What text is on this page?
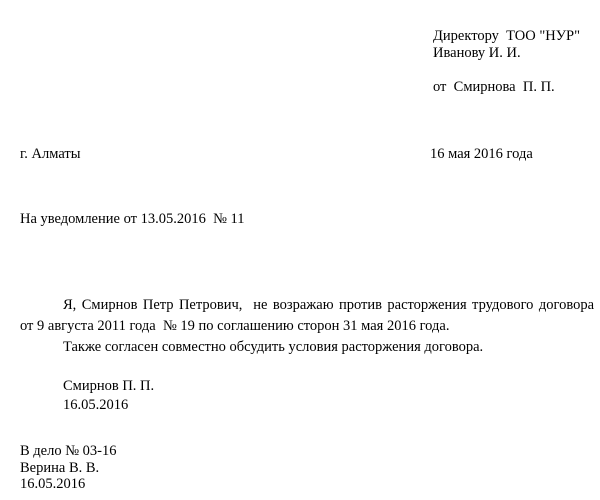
Директору  ТОО "НУР"
Иванову И. И.
от  Смирнова  П. П.
г. Алматы	16 мая 2016 года
На уведомление от 13.05.2016  № 11
Я, Смирнов Петр Петрович,  не возражаю против расторжения трудового договора
от 9 августа 2011 года  № 19 по соглашению сторон 31 мая 2016 года.
Также согласен совместно обсудить условия расторжения договора.
Смирнов П. П.
16.05.2016
В дело № 03-16
Верина В. В.
16.05.2016
